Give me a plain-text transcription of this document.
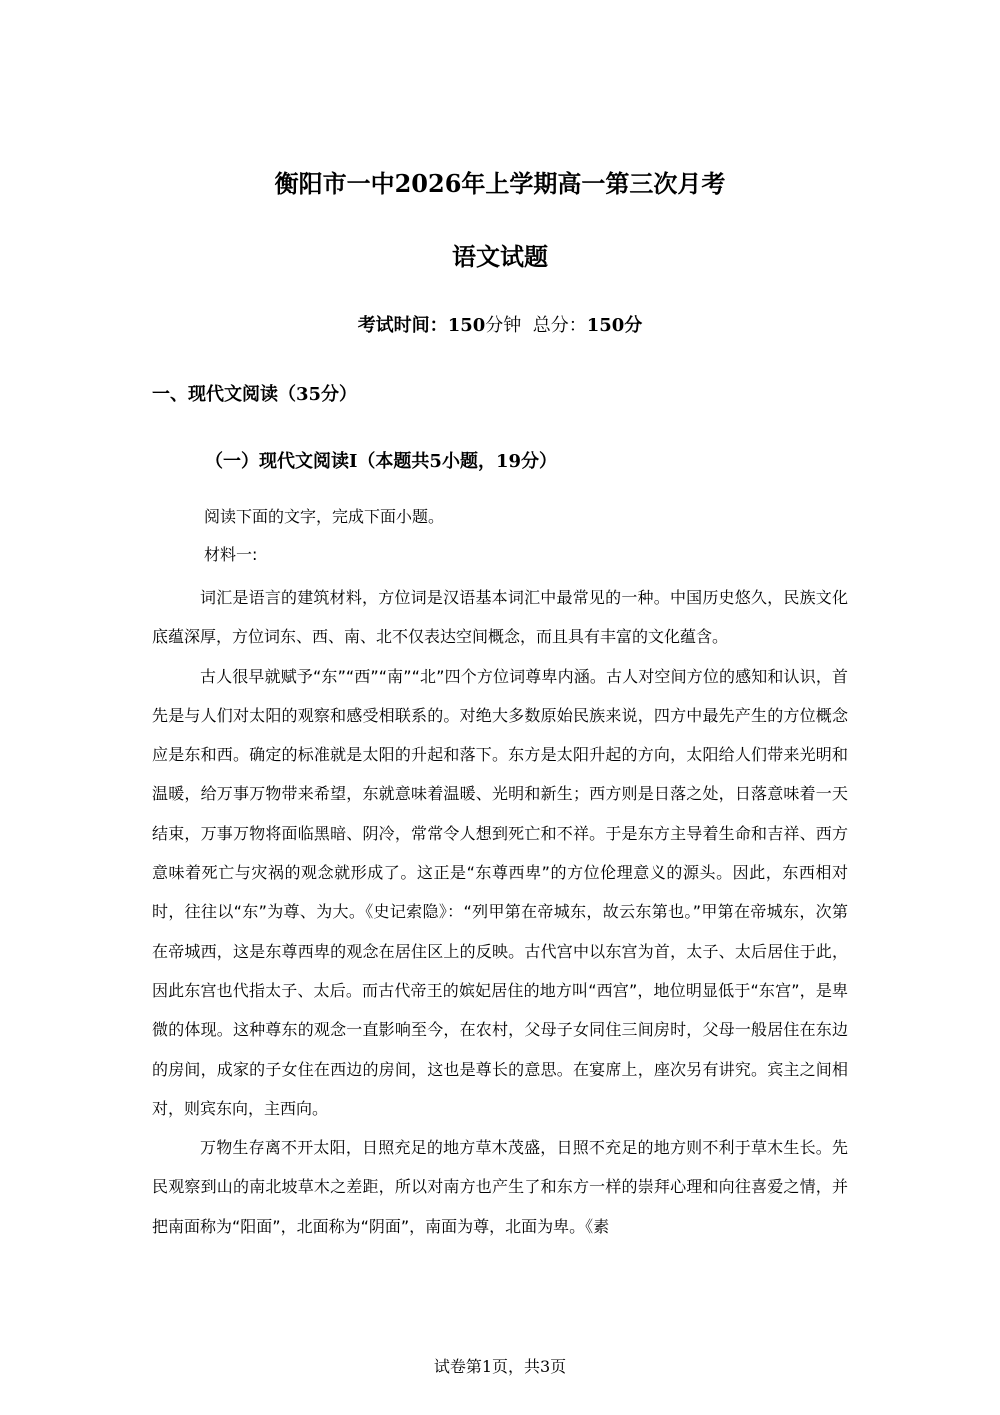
衡阳市一中2026年上学期高一第三次月考
语文试题
考试时间：150分钟 总分：150分
一、现代文阅读（35分）
（一）现代文阅读Ⅰ（本题共5小题，19分）
阅读下面的文字，完成下面小题。
材料一:

词汇是语言的建筑材料，方位词是汉语基本词汇中最常见的一种。中国历史悠久，民族文化底蕴深厚，方位词东、西、南、北不仅表达空间概念，而且具有丰富的文化蕴含。

古人很早就赋予“东”“西”“南”“北”四个方位词尊卑内涵。古人对空间方位的感知和认识，首先是与人们对太阳的观察和感受相联系的。对绝大多数原始民族来说，四方中最先产生的方位概念应是东和西。确定的标准就是太阳的升起和落下。东方是太阳升起的方向，太阳给人们带来光明和温暖，给万事万物带来希望，东就意味着温暖、光明和新生；西方则是日落之处，日落意味着一天结束，万事万物将面临黑暗、阴冷，常常令人想到死亡和不祥。于是东方主导着生命和吉祥、西方意味着死亡与灾祸的观念就形成了。这正是“东尊西卑”的方位伦理意义的源头。因此，东西相对时，往往以“东”为尊、为大。《史记索隐》：“列甲第在帝城东，故云东第也。”甲第在帝城东，次第在帝城西，这是东尊西卑的观念在居住区上的反映。古代宫中以东宫为首，太子、太后居住于此，因此东宫也代指太子、太后。而古代帝王的嫔妃居住的地方叫“西宫”，地位明显低于“东宫”，是卑微的体现。这种尊东的观念一直影响至今，在农村，父母子女同住三间房时，父母一般居住在东边的房间，成家的子女住在西边的房间，这也是尊长的意思。在宴席上，座次另有讲究。宾主之间相对，则宾东向，主西向。

万物生存离不开太阳，日照充足的地方草木茂盛，日照不充足的地方则不利于草木生长。先民观察到山的南北坡草木之差距，所以对南方也产生了和东方一样的崇拜心理和向往喜爱之情，并把南面称为“阳面”，北面称为“阴面”，南面为尊，北面为卑。《素

试卷第1页，共3页
